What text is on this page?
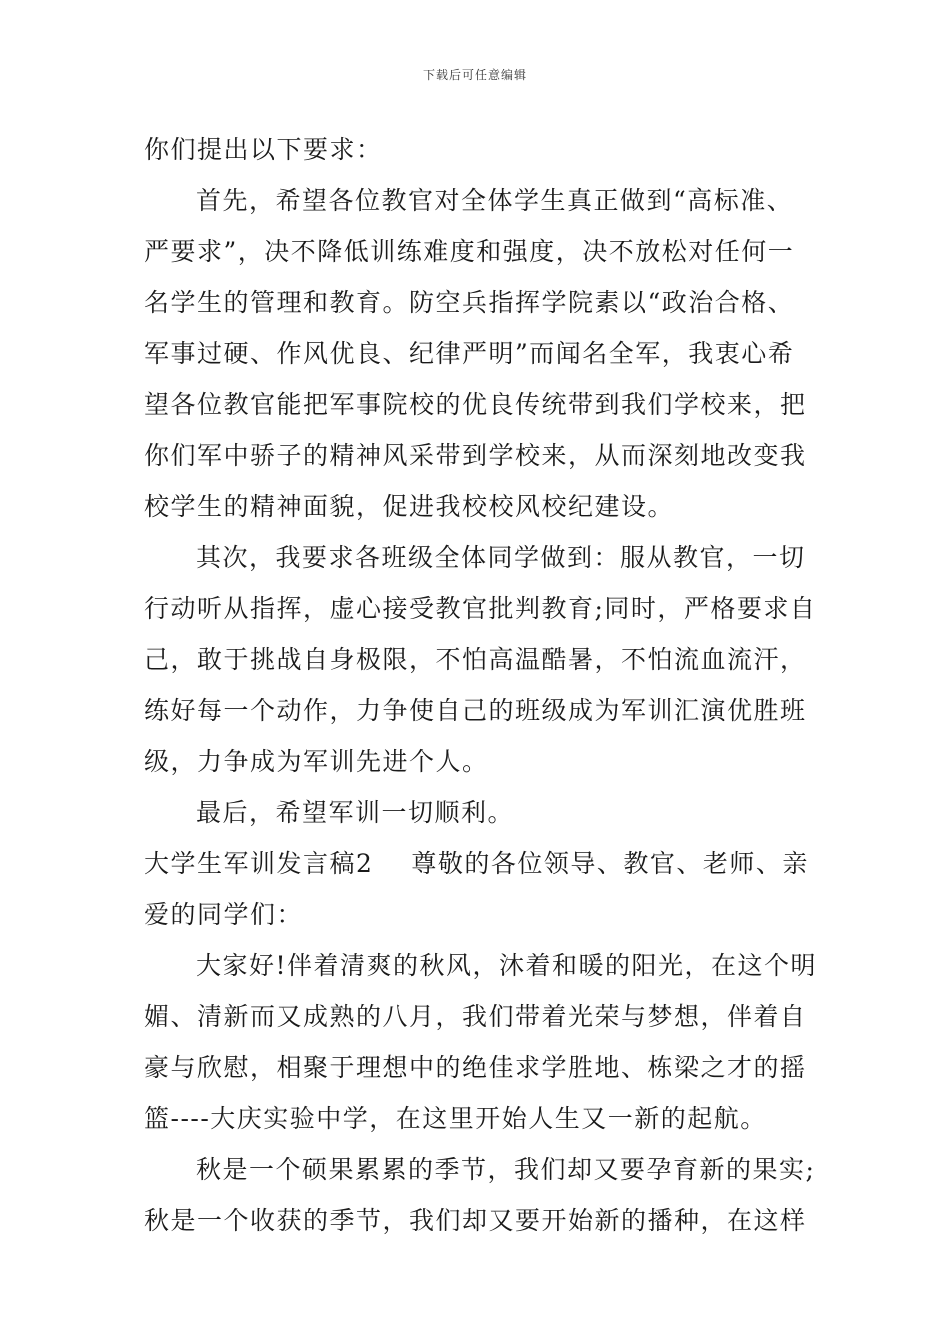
下载后可任意编辑
你们提出以下要求：
首先，希望各位教官对全体学生真正做到“高标准、
严要求”，决不降低训练难度和强度，决不放松对任何一
名学生的管理和教育。防空兵指挥学院素以“政治合格、
军事过硬、作风优良、纪律严明”而闻名全军，我衷心希
望各位教官能把军事院校的优良传统带到我们学校来，把
你们军中骄子的精神风采带到学校来，从而深刻地改变我
校学生的精神面貌，促进我校校风校纪建设。
其次，我要求各班级全体同学做到：服从教官，一切
行动听从指挥，虚心接受教官批判教育;同时，严格要求自
己，敢于挑战自身极限，不怕高温酷暑，不怕流血流汗，
练好每一个动作，力争使自己的班级成为军训汇演优胜班
级，力争成为军训先进个人。
最后，希望军训一切顺利。
大学生军训发言稿2 尊敬的各位领导、教官、老师、亲
爱的同学们：
大家好!伴着清爽的秋风，沐着和暖的阳光，在这个明
媚、清新而又成熟的八月，我们带着光荣与梦想，伴着自
豪与欣慰，相聚于理想中的绝佳求学胜地、栋梁之才的摇
篮----大庆实验中学，在这里开始人生又一新的起航。
秋是一个硕果累累的季节，我们却又要孕育新的果实;
秋是一个收获的季节，我们却又要开始新的播种，在这样
